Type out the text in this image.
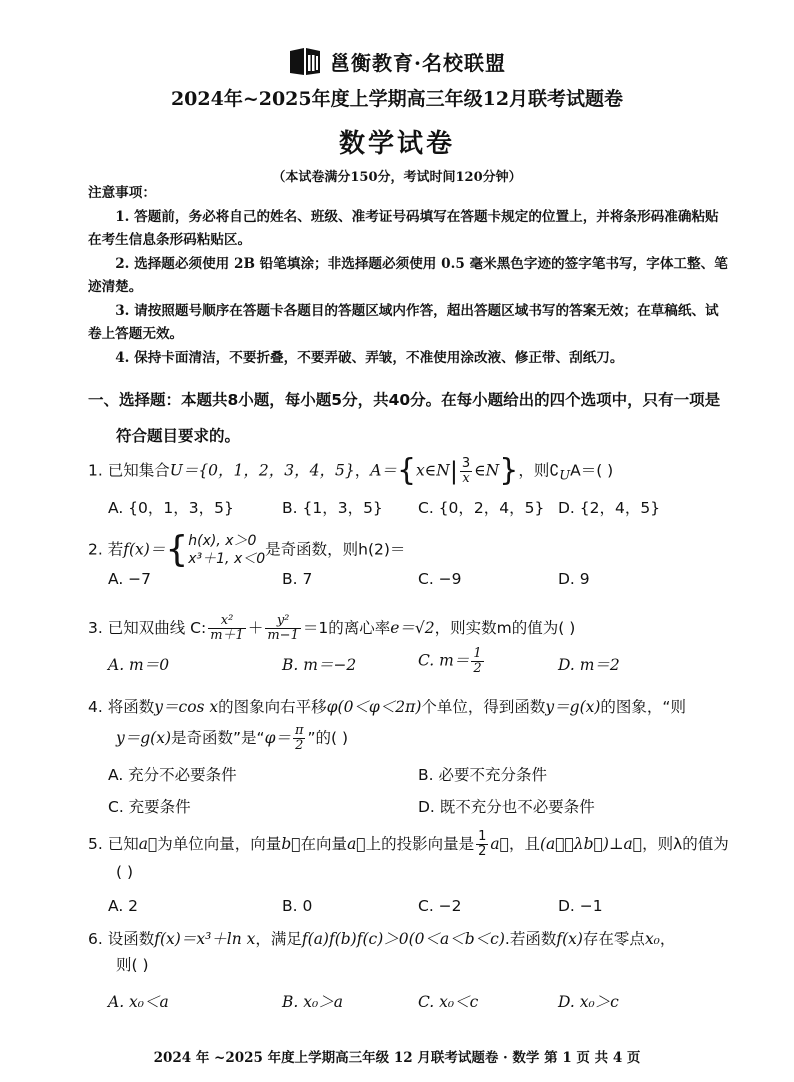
邕衡教育·名校联盟
2024年~2025年度上学期高三年级12月联考试题卷
数学试卷
（本试卷满分150分，考试时间120分钟）
注意事项：

1. 答题前，务必将自己的姓名、班级、准考证号码填写在答题卡规定的位置上，并将条形码准确粘贴在考生信息条形码粘贴区。

2. 选择题必须使用 2B 铅笔填涂；非选择题必须使用 0.5 毫米黑色字迹的签字笔书写，字体工整、笔迹清楚。

3. 请按照题号顺序在答题卡各题目的答题区域内作答，超出答题区域书写的答案无效；在草稿纸、试卷上答题无效。

4. 保持卡面清洁，不要折叠，不要弄破、弄皱，不准使用涂改液、修正带、刮纸刀。

一、选择题：本题共8小题，每小题5分，共40分。在每小题给出的四个选项中，只有一项是
符合题目要求的。
1. 已知集合U＝{0，1，2，3，4，5}，A＝{x∈N| $\frac{3}{x}$ ∈N}，则$∁_UA=$( )
A. {0，1，3，5}	B. {1，3，5} C. {0，2，4，5} D. {2，4，5}
2. 若f(x)＝{ h(x), x＞0
x³＋1, x＜0
是奇函数，则h(2)＝
A. −7	B. 7	C. −9	D. 9
3. 已知双曲线 C: $\frac{\text{x²}}{m+1} + \frac{\text{y²}}{m-1} =1$的离心率e＝√2，则实数m的值为( )
A. m＝0	B. m＝−2	C. $m= \frac{1}{2}$	D. m＝2
4. 将函数y＝cos x的图象向右平移φ(0＜φ＜2π)个单位，得到函数y＝g(x)的图象，“则
y＝g(x)是奇函数”是“$\varphi= \frac{\pi}{2}$ ”的( )
A. 充分不必要条件	B. 必要不充分条件
C. 充要条件	D. 既不充分也不必要条件
5. 已知a⃗为单位向量，向量b⃗在向量a⃗上的投影向量是 $\frac{1}{2}$ a⃗，且(a⃗＋λb⃗)⊥a⃗，则λ的值为
( )
A. 2	B. 0	C. −2	D. −1
6. 设函数f(x)＝x³＋ln x，满足f(a)f(b)f(c)＞0(0＜a＜b＜c).若函数f(x)存在零点x₀，
则( )
A. x₀＜a	B. x₀＞a	C. x₀＜c	D. x₀＞c
2024 年 ~2025 年度上学期高三年级 12 月联考试题卷 · 数学 第 1 页 共 4 页
